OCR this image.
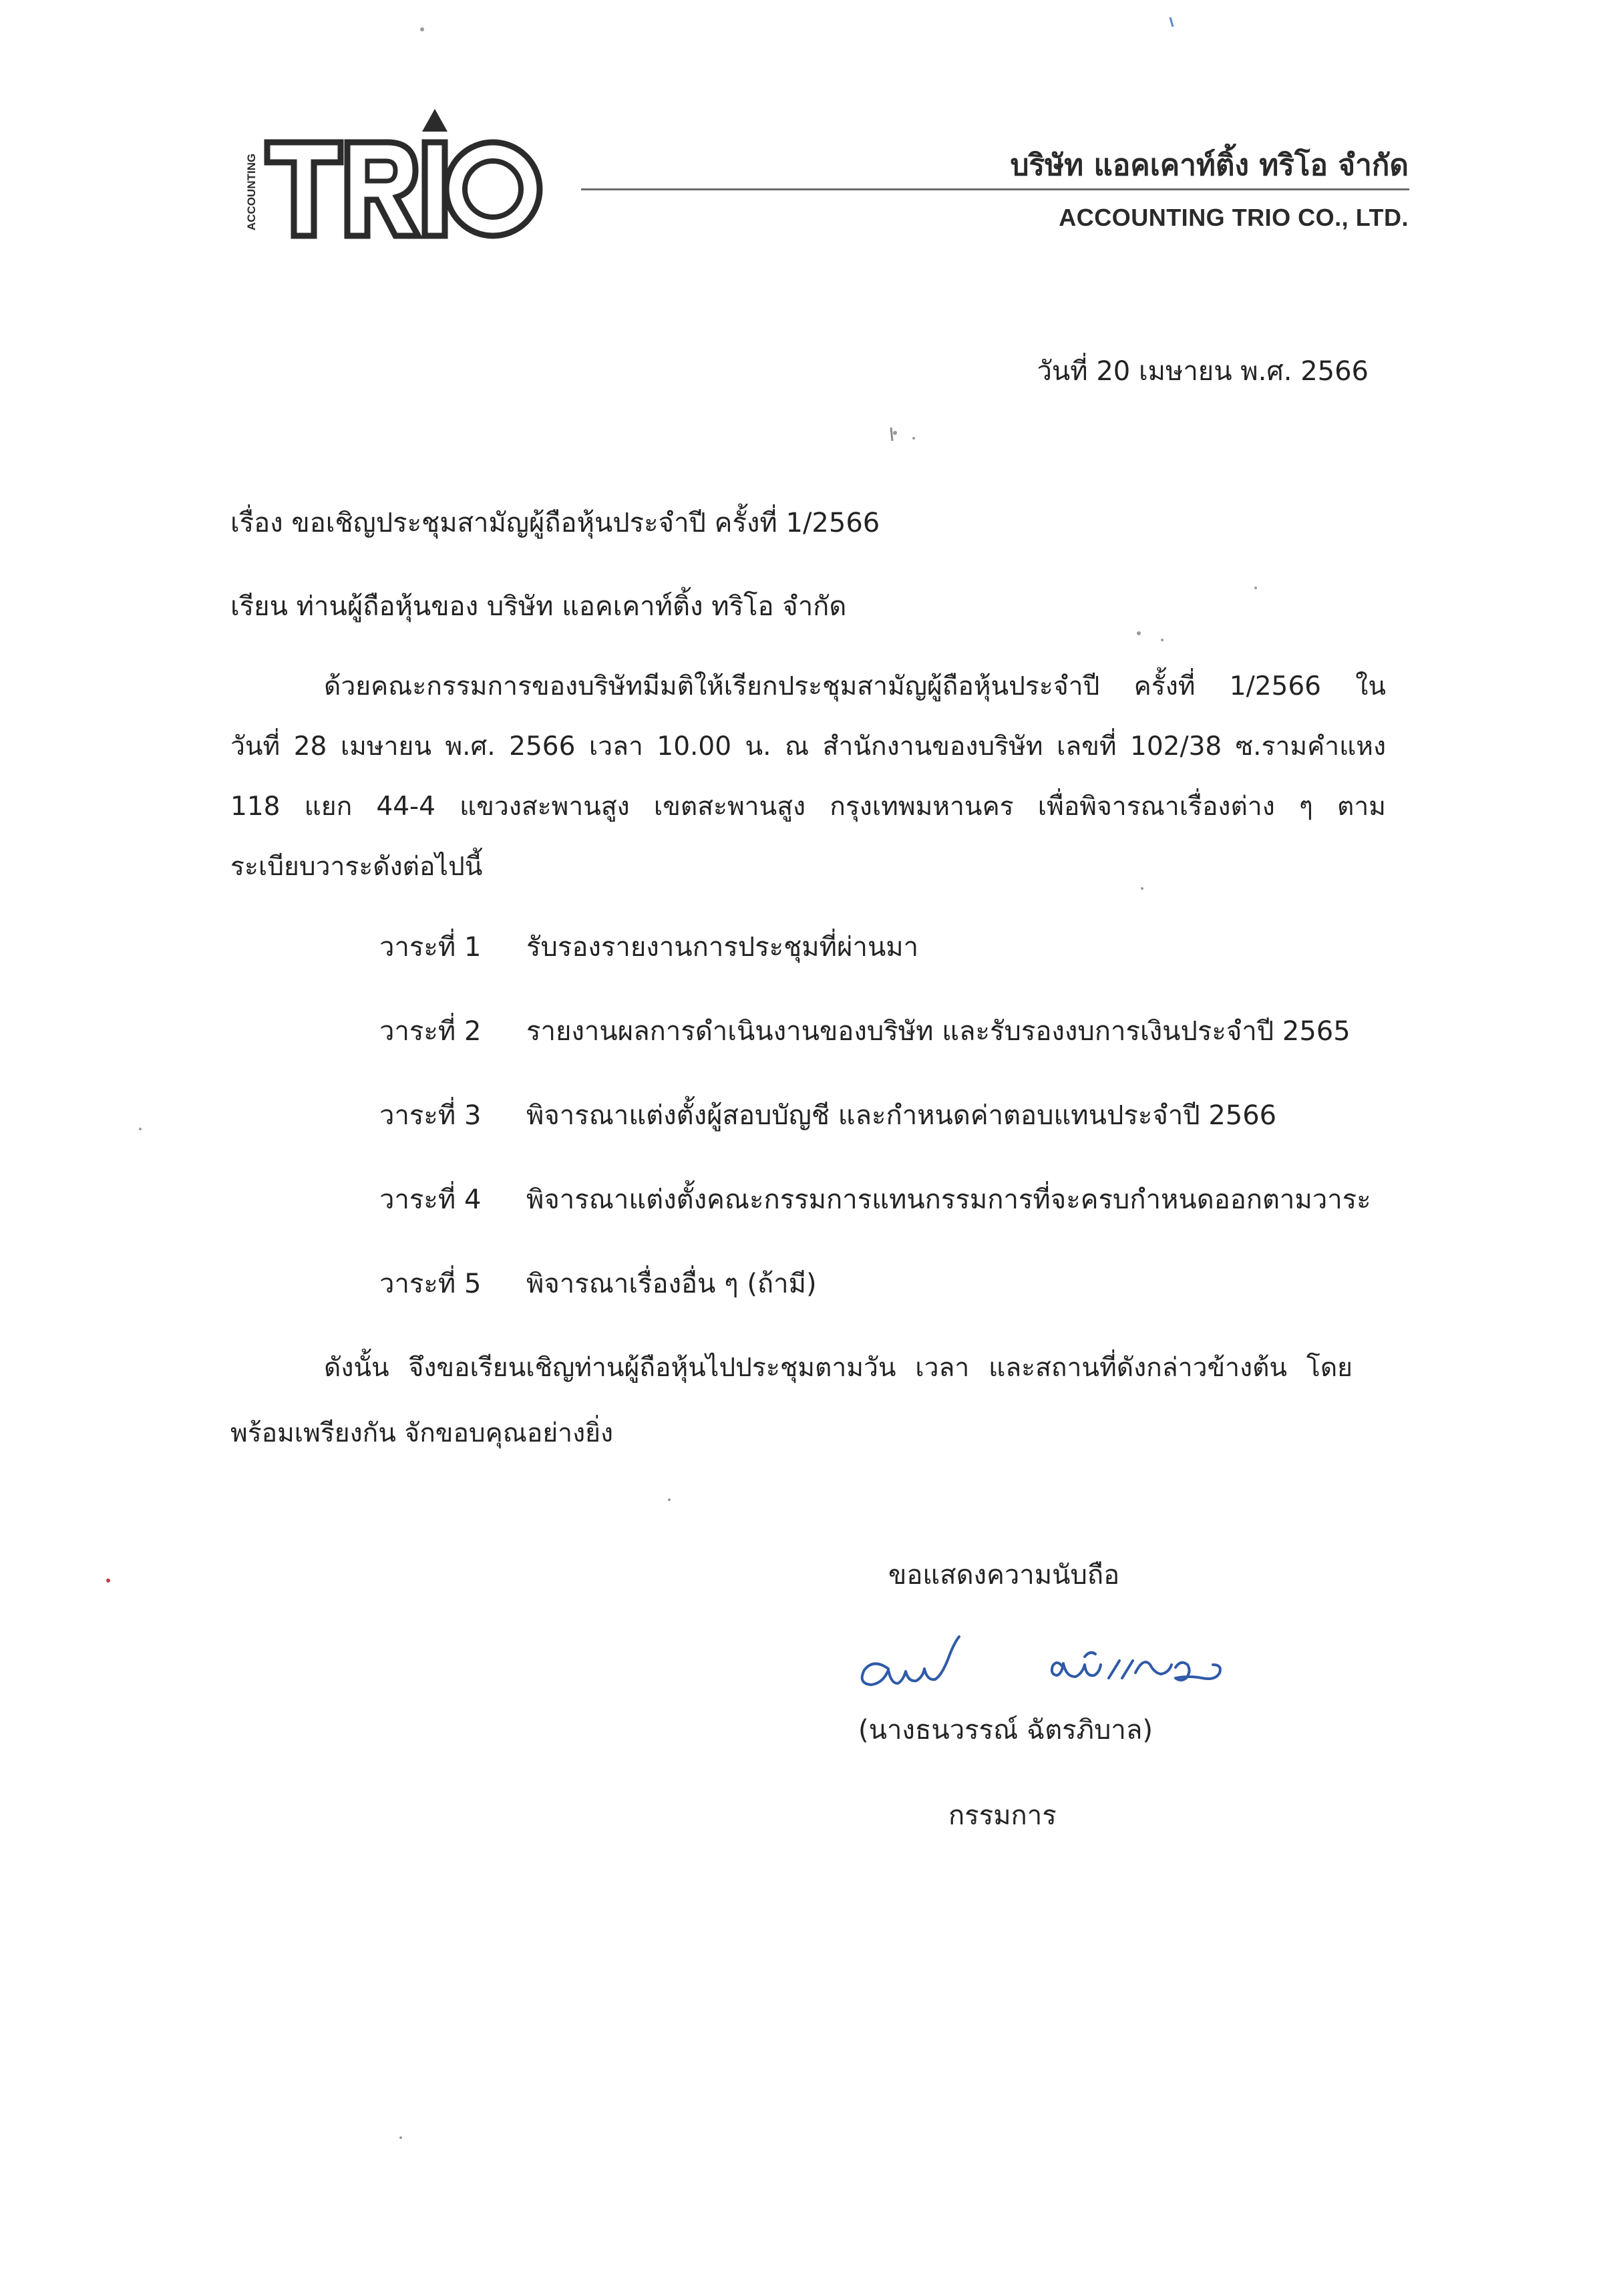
ACCOUNTING	บริษัท แอคเคาท์ติ้ง ทริโอ จำกัด
ACCOUNTING TRIO CO., LTD.
วันที่ 20 เมษายน พ.ศ. 2566
เรื่อง ขอเชิญประชุมสามัญผู้ถือหุ้นประจำปี ครั้งที่ 1/2566
เรียน ท่านผู้ถือหุ้นของ บริษัท แอคเคาท์ติ้ง ทริโอ จำกัด
ด้วยคณะกรรมการของบริษัทมีมติให้เรียกประชุมสามัญผู้ถือหุ้นประจำปี ครั้งที่ 1/2566 ใน
วันที่ 28 เมษายน พ.ศ. 2566 เวลา 10.00 น. ณ สำนักงานของบริษัท เลขที่ 102/38 ซ.รามคำแหง
118 แยก 44-4 แขวงสะพานสูง เขตสะพานสูง กรุงเทพมหานคร เพื่อพิจารณาเรื่องต่าง ๆ ตาม
ระเบียบวาระดังต่อไปนี้
วาระที่ 1	รับรองรายงานการประชุมที่ผ่านมา
วาระที่ 2	รายงานผลการดำเนินงานของบริษัท และรับรองงบการเงินประจำปี 2565
วาระที่ 3	พิจารณาแต่งตั้งผู้สอบบัญชี และกำหนดค่าตอบแทนประจำปี 2566
วาระที่ 4	พิจารณาแต่งตั้งคณะกรรมการแทนกรรมการที่จะครบกำหนดออกตามวาระ
วาระที่ 5	พิจารณาเรื่องอื่น ๆ (ถ้ามี)
ดังนั้น จึงขอเรียนเชิญท่านผู้ถือหุ้นไปประชุมตามวัน เวลา และสถานที่ดังกล่าวข้างต้น โดย
พร้อมเพรียงกัน จักขอบคุณอย่างยิ่ง
ขอแสดงความนับถือ
(นางธนวรรณ์ ฉัตรภิบาล)
กรรมการ
